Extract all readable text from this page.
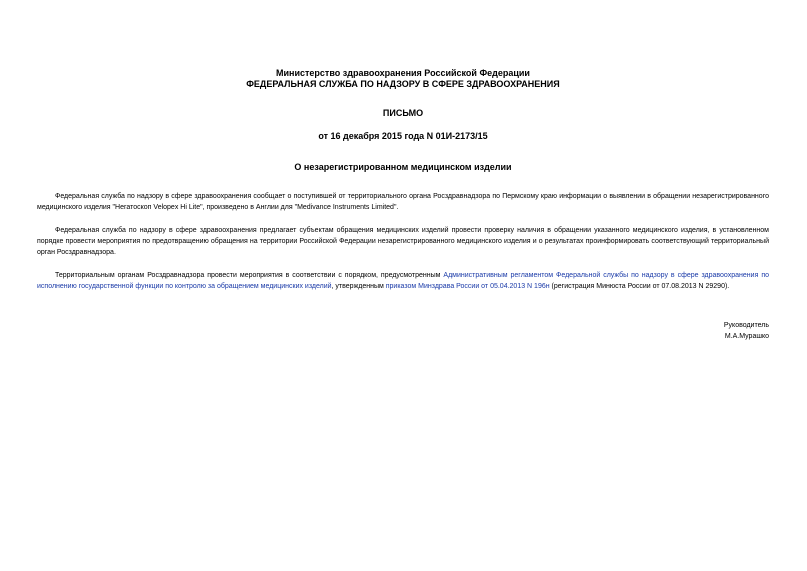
Министерство здравоохранения Российской Федерации
ФЕДЕРАЛЬНАЯ СЛУЖБА ПО НАДЗОРУ В СФЕРЕ ЗДРАВООХРАНЕНИЯ
ПИСЬМО
от 16 декабря 2015 года N 01И-2173/15
О незарегистрированном медицинском изделии

Федеральная служба по надзору в сфере здравоохранения сообщает о поступившей от территориального органа Росздравнадзора по Пермскому краю информации о выявлении в обращении незарегистрированного медицинского изделия "Негатоскоп Velopex Hi Lite", произведено в Англии для "Medivance Instruments Limited".

Федеральная служба по надзору в сфере здравоохранения предлагает субъектам обращения медицинских изделий провести проверку наличия в обращении указанного медицинского изделия, в установленном порядке провести мероприятия по предотвращению обращения на территории Российской Федерации незарегистрированного медицинского изделия и о результатах проинформировать соответствующий территориальный орган Росздравнадзора.

Территориальным органам Росздравнадзора провести мероприятия в соответствии с порядком, предусмотренным Административным регламентом Федеральной службы по надзору в сфере здравоохранения по исполнению государственной функции по контролю за обращением медицинских изделий, утвержденным приказом Минздрава России от 05.04.2013 N 196н (регистрация Минюста России от 07.08.2013 N 29290).

Руководитель
М.А.Мурашко
